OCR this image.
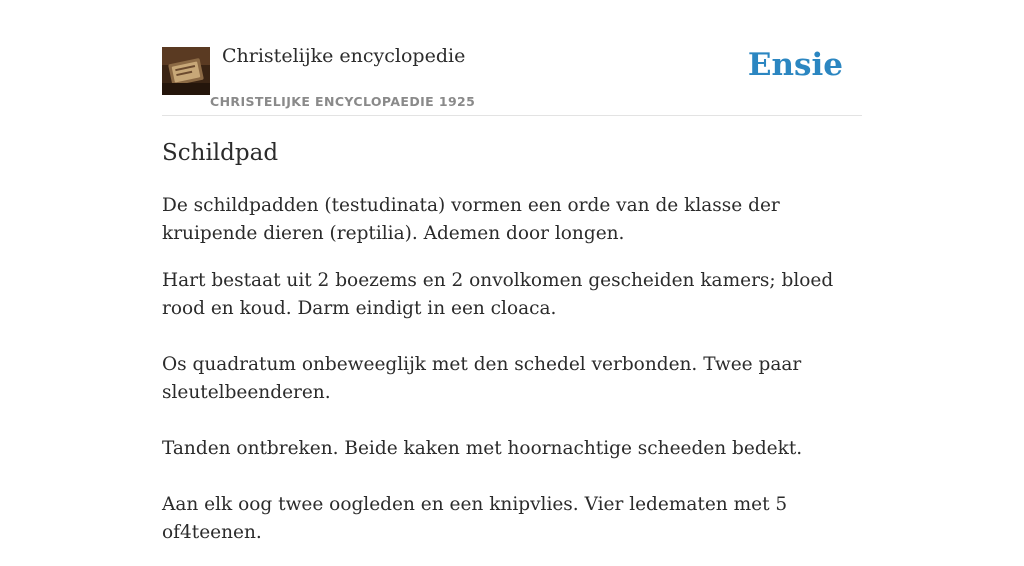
Christelijke encyclopedie
CHRISTELIJKE ENCYCLOPAEDIE 1925
Ensie
Schildpad

De schildpadden (testudinata) vormen een orde van de klasse der kruipende dieren (reptilia). Ademen door longen.

Hart bestaat uit 2 boezems en 2 onvolkomen gescheiden kamers; bloed rood en koud. Darm eindigt in een cloaca.

Os quadratum onbeweeglijk met den schedel verbonden. Twee paar sleutelbeenderen.

Tanden ontbreken. Beide kaken met hoornachtige scheeden bedekt.

Aan elk oog twee oogleden en een knipvlies. Vier ledematen met 5 of4teenen.
